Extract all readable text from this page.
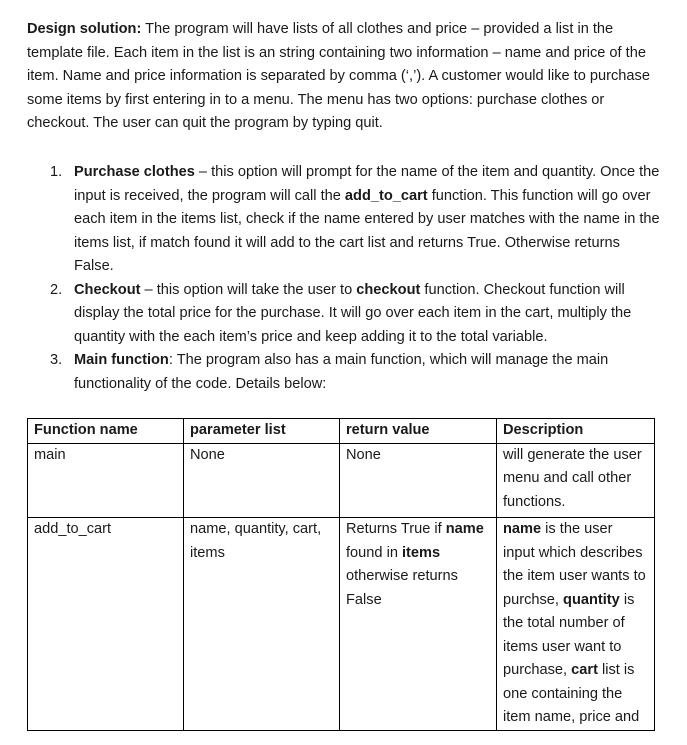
Design solution: The program will have lists of all clothes and price – provided a list in the template file. Each item in the list is an string containing two information – name and price of the item. Name and price information is separated by comma (‘,’). A customer would like to purchase some items by first entering in to a menu. The menu has two options: purchase clothes or checkout. The user can quit the program by typing quit.

1. Purchase clothes – this option will prompt for the name of the item and quantity. Once the input is received, the program will call the add_to_cart function. This function will go over each item in the items list, check if the name entered by user matches with the name in the items list, if match found it will add to the cart list and returns True. Otherwise returns False.
2. Checkout – this option will take the user to checkout function. Checkout function will display the total price for the purchase. It will go over each item in the cart, multiply the quantity with the each item’s price and keep adding it to the total variable.
3. Main function: The program also has a main function, which will manage the main functionality of the code. Details below:
Function name	parameter list	return value	Description
main	None	None	will generate the user menu and call other functions.
add_to_cart	name, quantity, cart, items	Returns True if name found in items otherwise returns False	name is the user input which describes the item user wants to purchse, quantity is the total number of items user want to purchase, cart list is one containing the item name, price and
